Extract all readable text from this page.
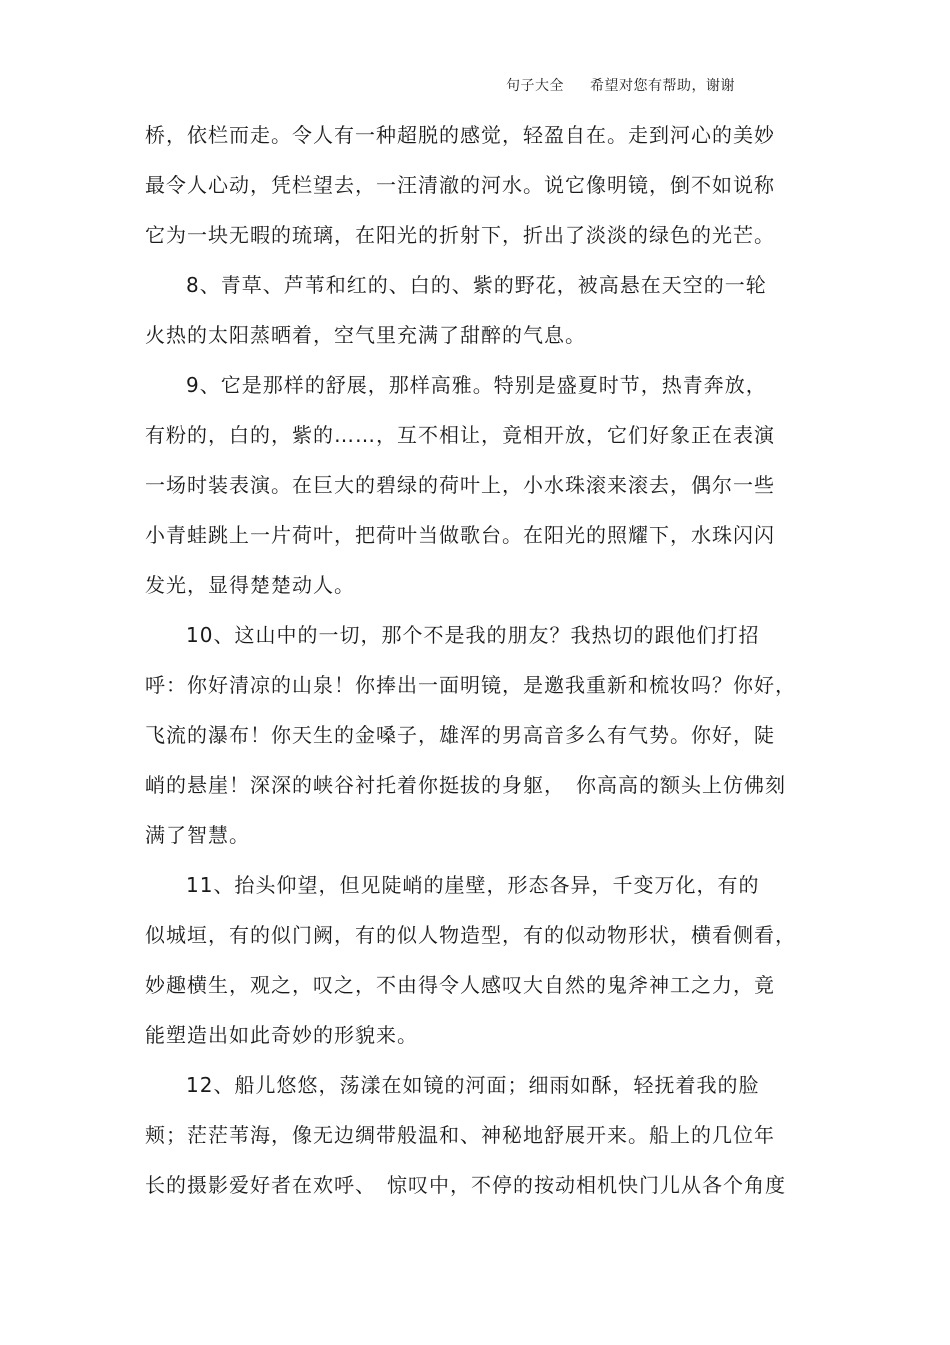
句子大全 希望对您有帮助，谢谢
桥，依栏而走。令人有一种超脱的感觉，轻盈自在。走到河心的美妙
最令人心动，凭栏望去，一汪清澈的河水。说它像明镜，倒不如说称
它为一块无暇的琉璃，在阳光的折射下，折出了淡淡的绿色的光芒。
8、青草、芦苇和红的、白的、紫的野花，被高悬在天空的一轮
火热的太阳蒸晒着，空气里充满了甜醉的气息。
9、它是那样的舒展，那样高雅。特别是盛夏时节，热青奔放，
有粉的，白的，紫的……，互不相让，竟相开放，它们好象正在表演
一场时装表演。在巨大的碧绿的荷叶上，小水珠滚来滚去，偶尔一些
小青蛙跳上一片荷叶，把荷叶当做歌台。在阳光的照耀下，水珠闪闪
发光，显得楚楚动人。
10、这山中的一切，那个不是我的朋友？我热切的跟他们打招
呼：你好清凉的山泉！你捧出一面明镜，是邀我重新和梳妆吗？你好，
飞流的瀑布！你天生的金嗓子，雄浑的男高音多么有气势。你好，陡
峭的悬崖！深深的峡谷衬托着你挺拔的身躯，　你高高的额头上仿佛刻
满了智慧。
11、抬头仰望，但见陡峭的崖壁，形态各异，千变万化，有的
似城垣，有的似门阙，有的似人物造型，有的似动物形状，横看侧看，
妙趣横生，观之，叹之，不由得令人感叹大自然的鬼斧神工之力，竟
能塑造出如此奇妙的形貌来。
12、船儿悠悠，荡漾在如镜的河面；细雨如酥，轻抚着我的脸
颊；茫茫苇海，像无边绸带般温和、神秘地舒展开来。船上的几位年
长的摄影爱好者在欢呼、　惊叹中，不停的按动相机快门儿从各个角度
